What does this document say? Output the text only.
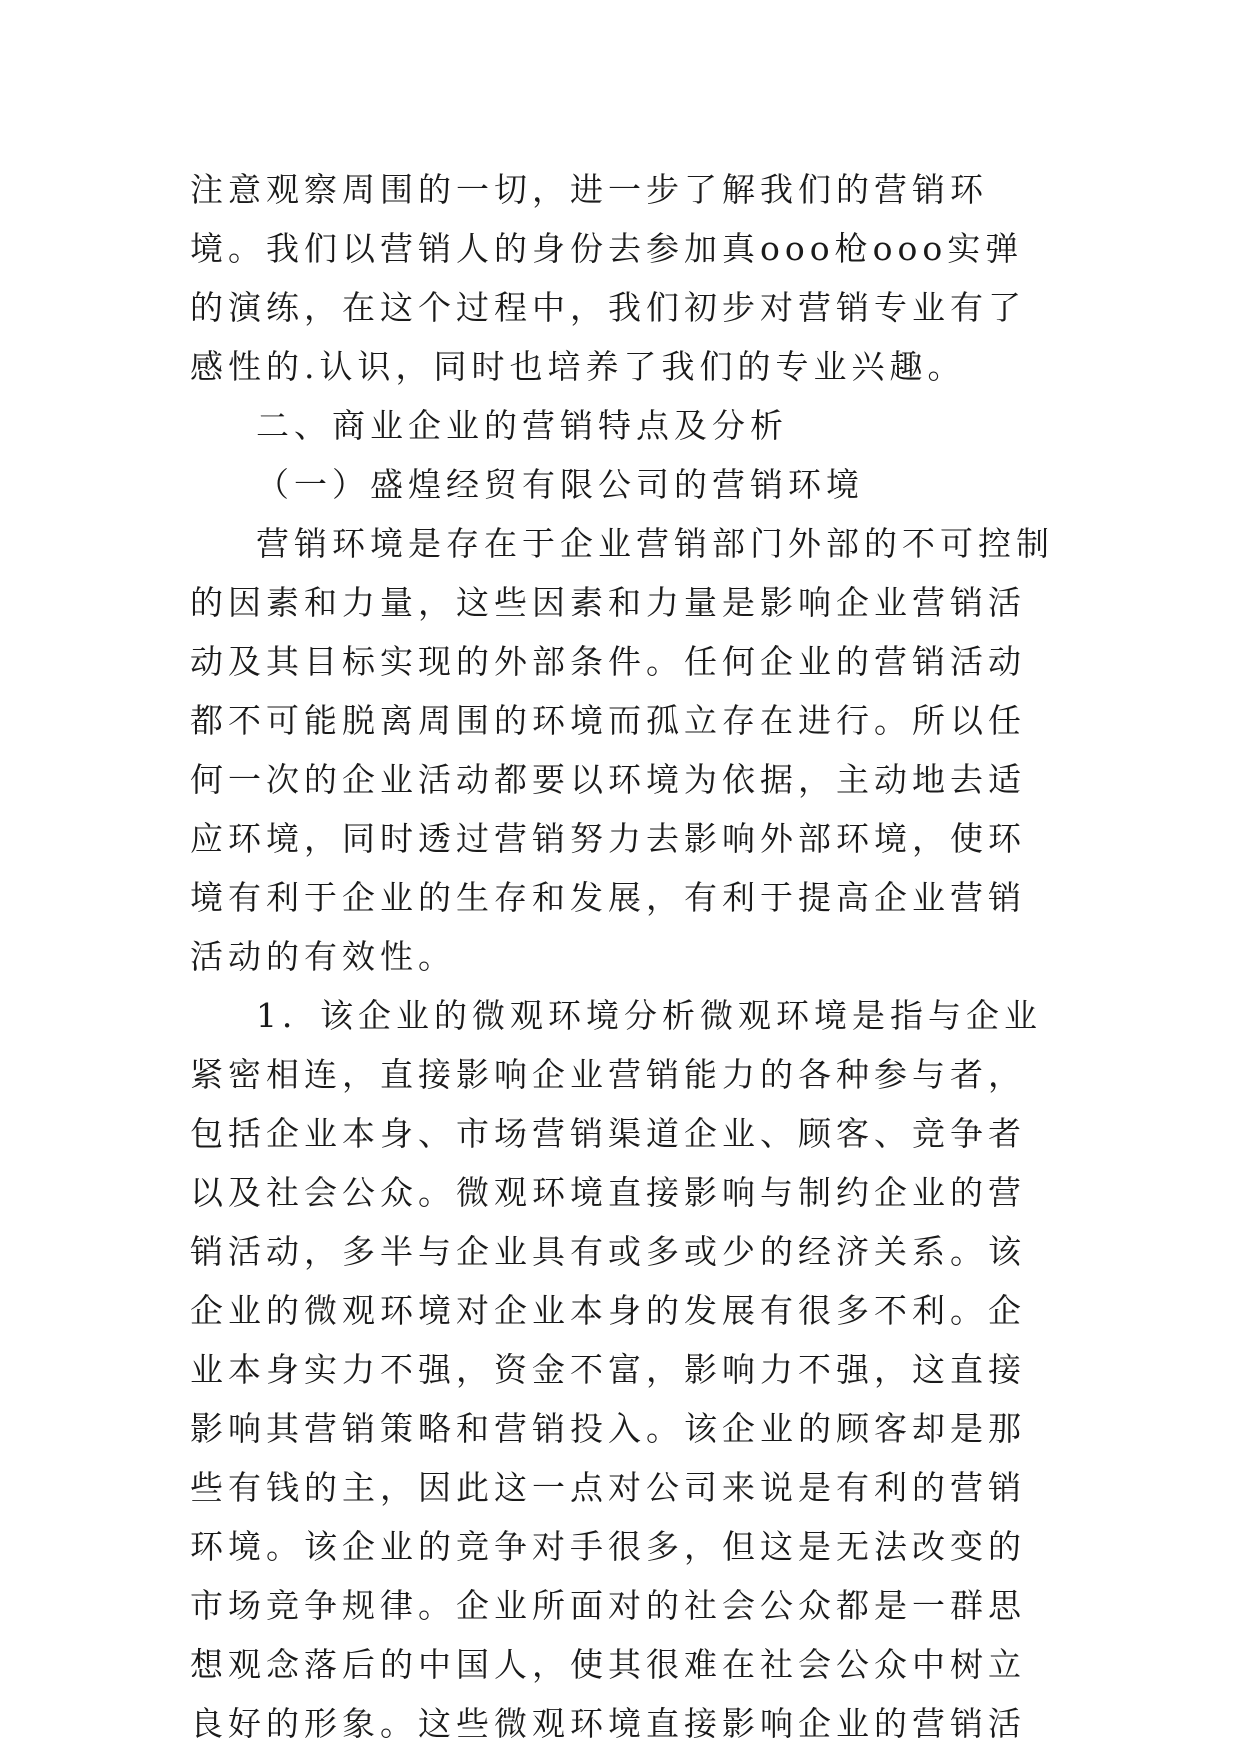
注意观察周围的一切，进一步了解我们的营销环境。我们以营销人的身份去参加真ooo枪ooo实弹的演练，在这个过程中，我们初步对营销专业有了感性的.认识，同时也培养了我们的专业兴趣。

二、商业企业的营销特点及分析

（一）盛煌经贸有限公司的营销环境

营销环境是存在于企业营销部门外部的不可控制的因素和力量，这些因素和力量是影响企业营销活动及其目标实现的外部条件。任何企业的营销活动都不可能脱离周围的环境而孤立存在进行。所以任何一次的企业活动都要以环境为依据，主动地去适应环境，同时透过营销努力去影响外部环境，使环境有利于企业的生存和发展，有利于提高企业营销活动的有效性。

1．该企业的微观环境分析微观环境是指与企业紧密相连，直接影响企业营销能力的各种参与者，包括企业本身、市场营销渠道企业、顾客、竞争者以及社会公众。微观环境直接影响与制约企业的营销活动，多半与企业具有或多或少的经济关系。该企业的微观环境对企业本身的发展有很多不利。企业本身实力不强，资金不富，影响力不强，这直接影响其营销策略和营销投入。该企业的顾客却是那些有钱的主，因此这一点对公司来说是有利的营销环境。该企业的竞争对手很多，但这是无法改变的市场竞争规律。企业所面对的社会公众都是一群思想观念落后的中国人，使其很难在社会公众中树立良好的形象。这些微观环境直接影响企业的营销活
